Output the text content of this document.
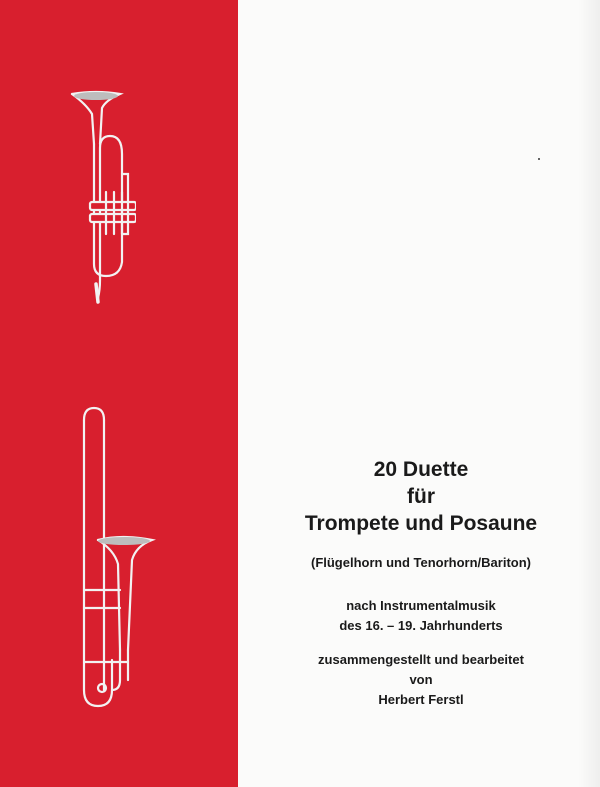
20 Duette

für

Trompete und Posaune

(Flügelhorn und Tenorhorn/Bariton)

nach Instrumentalmusik

des 16. – 19. Jahrhunderts

zusammengestellt und bearbeitet

von

Herbert Ferstl
